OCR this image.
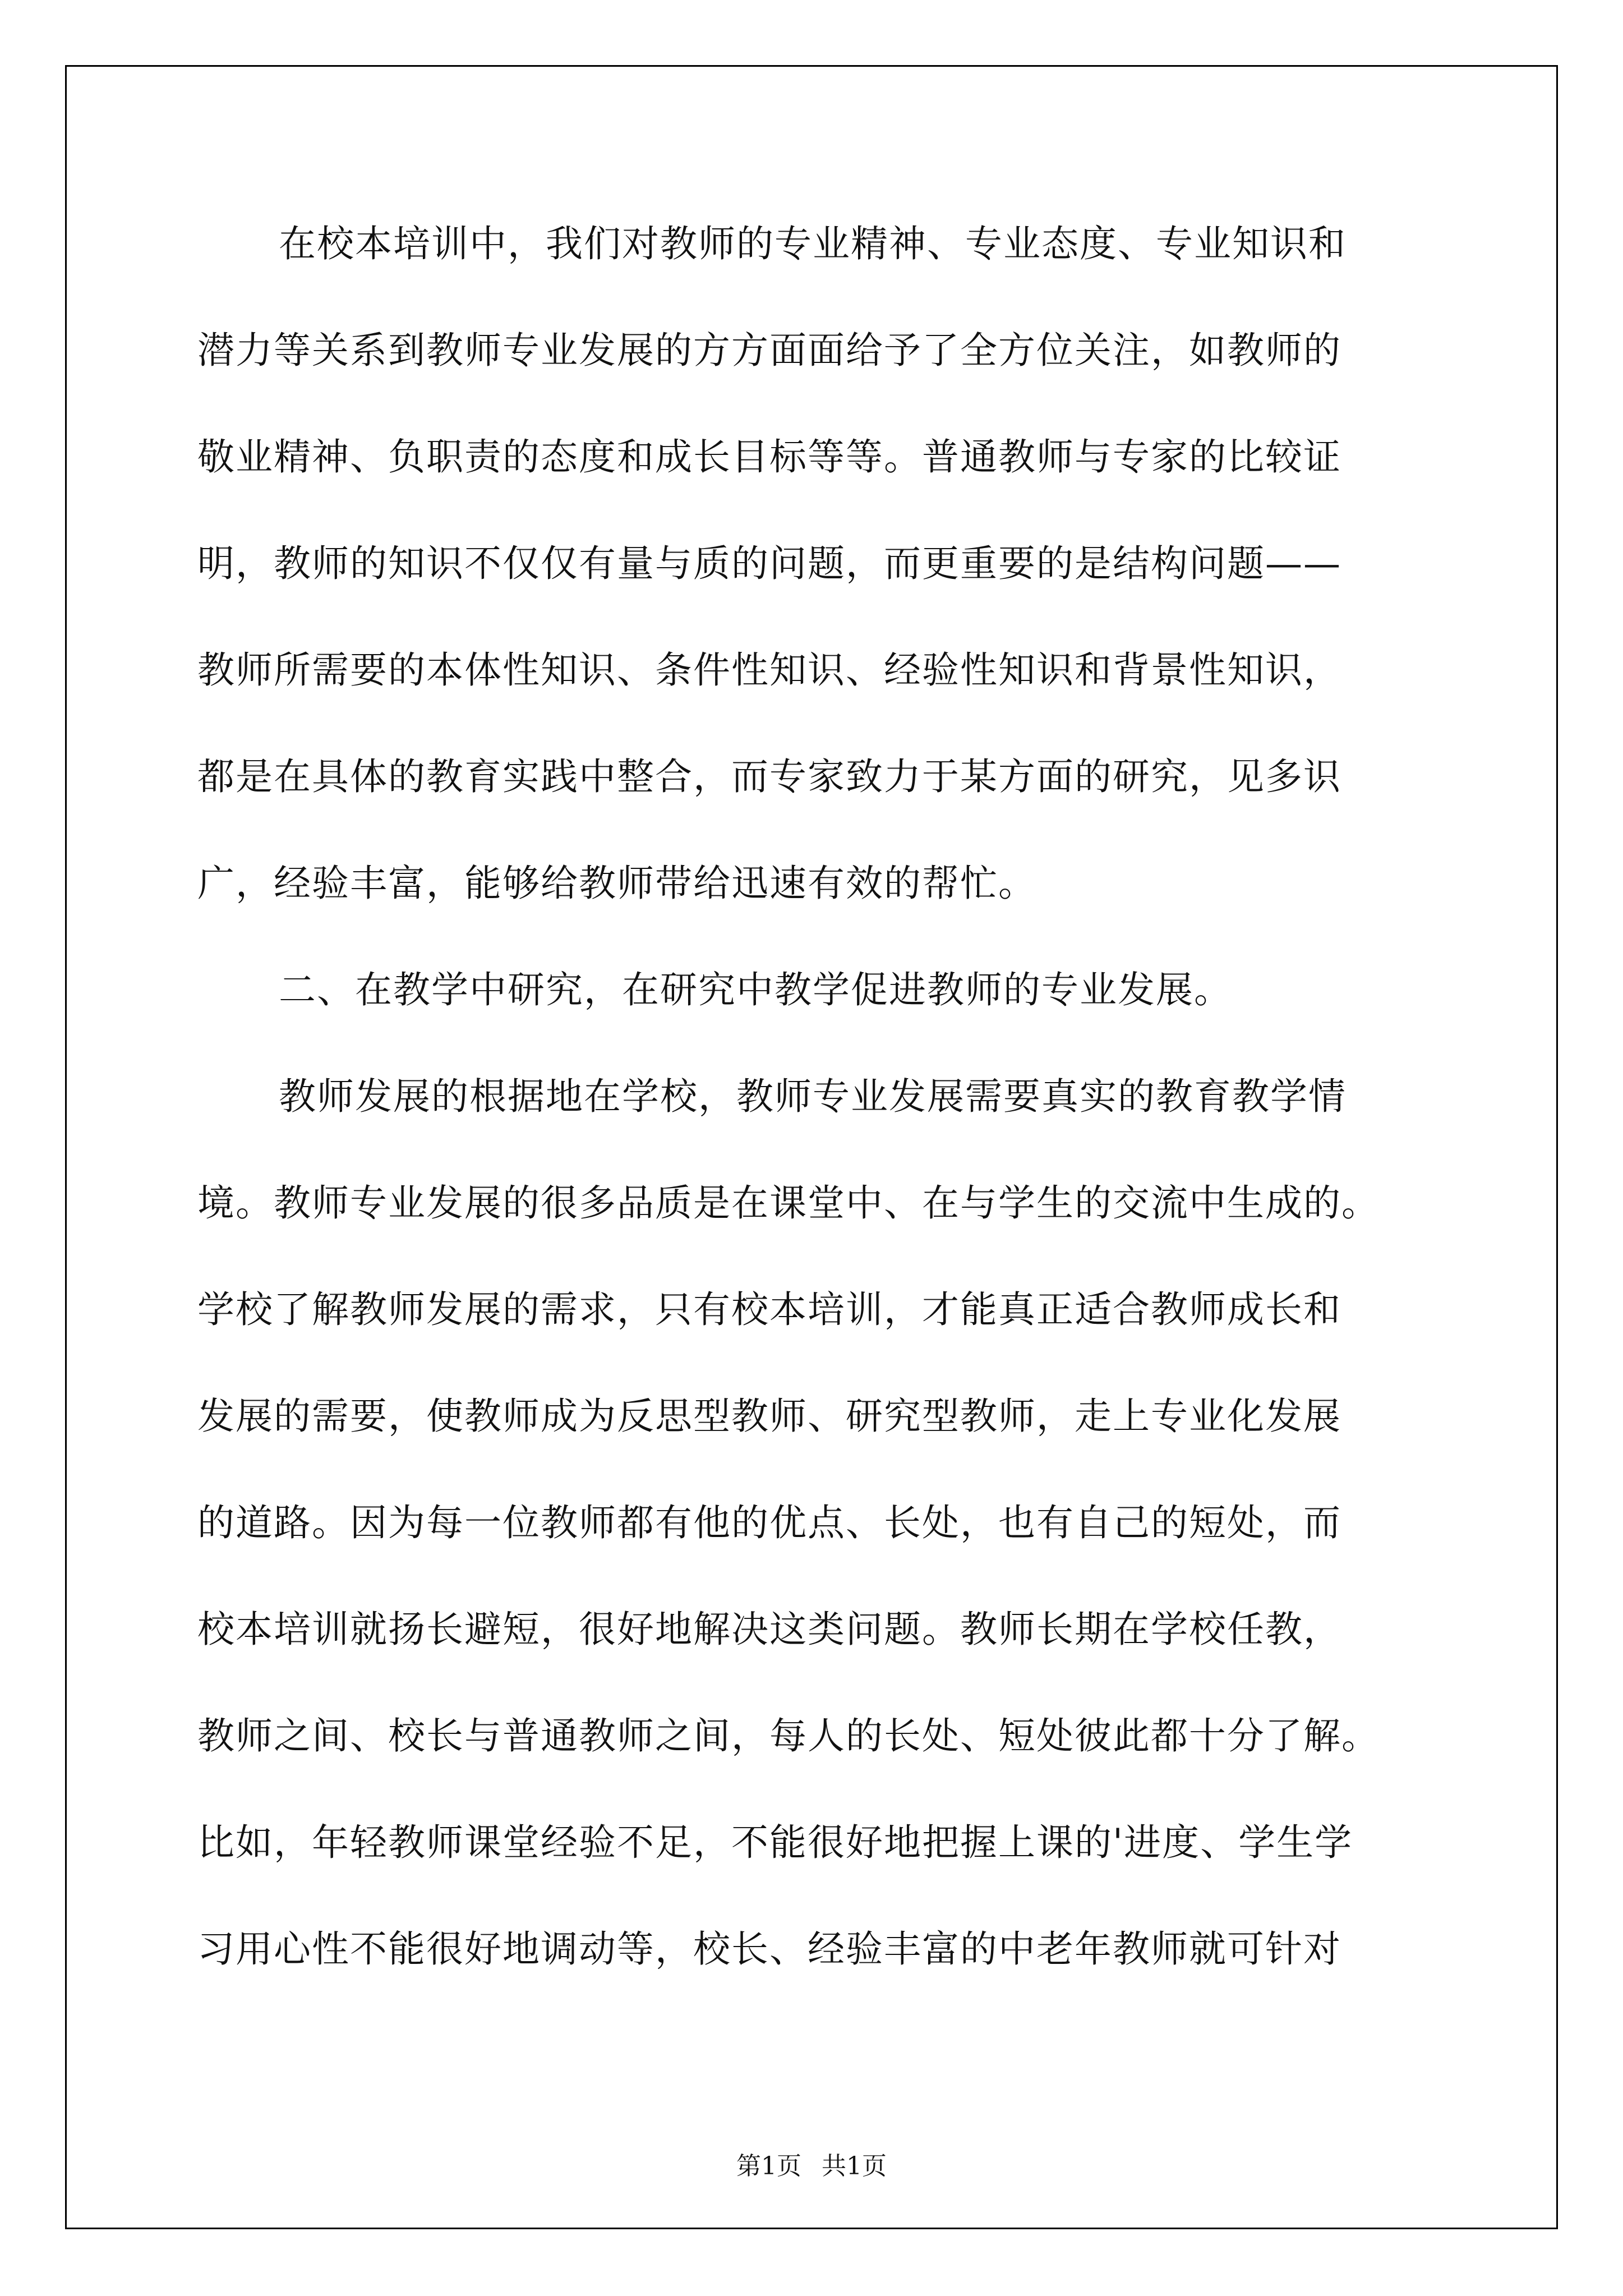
在校本培训中，我们对教师的专业精神、专业态度、专业知识和
潜力等关系到教师专业发展的方方面面给予了全方位关注，如教师的
敬业精神、负职责的态度和成长目标等等。普通教师与专家的比较证
明，教师的知识不仅仅有量与质的问题，而更重要的是结构问题——
教师所需要的本体性知识、条件性知识、经验性知识和背景性知识，
都是在具体的教育实践中整合，而专家致力于某方面的研究，见多识
广，经验丰富，能够给教师带给迅速有效的帮忙。
二、在教学中研究，在研究中教学促进教师的专业发展。
教师发展的根据地在学校，教师专业发展需要真实的教育教学情
境。教师专业发展的很多品质是在课堂中、在与学生的交流中生成的。
学校了解教师发展的需求，只有校本培训，才能真正适合教师成长和
发展的需要，使教师成为反思型教师、研究型教师，走上专业化发展
的道路。因为每一位教师都有他的优点、长处，也有自己的短处，而
校本培训就扬长避短，很好地解决这类问题。教师长期在学校任教，
教师之间、校长与普通教师之间，每人的长处、短处彼此都十分了解。
比如，年轻教师课堂经验不足，不能很好地把握上课的'进度、学生学
习用心性不能很好地调动等，校长、经验丰富的中老年教师就可针对
第1页 共1页
